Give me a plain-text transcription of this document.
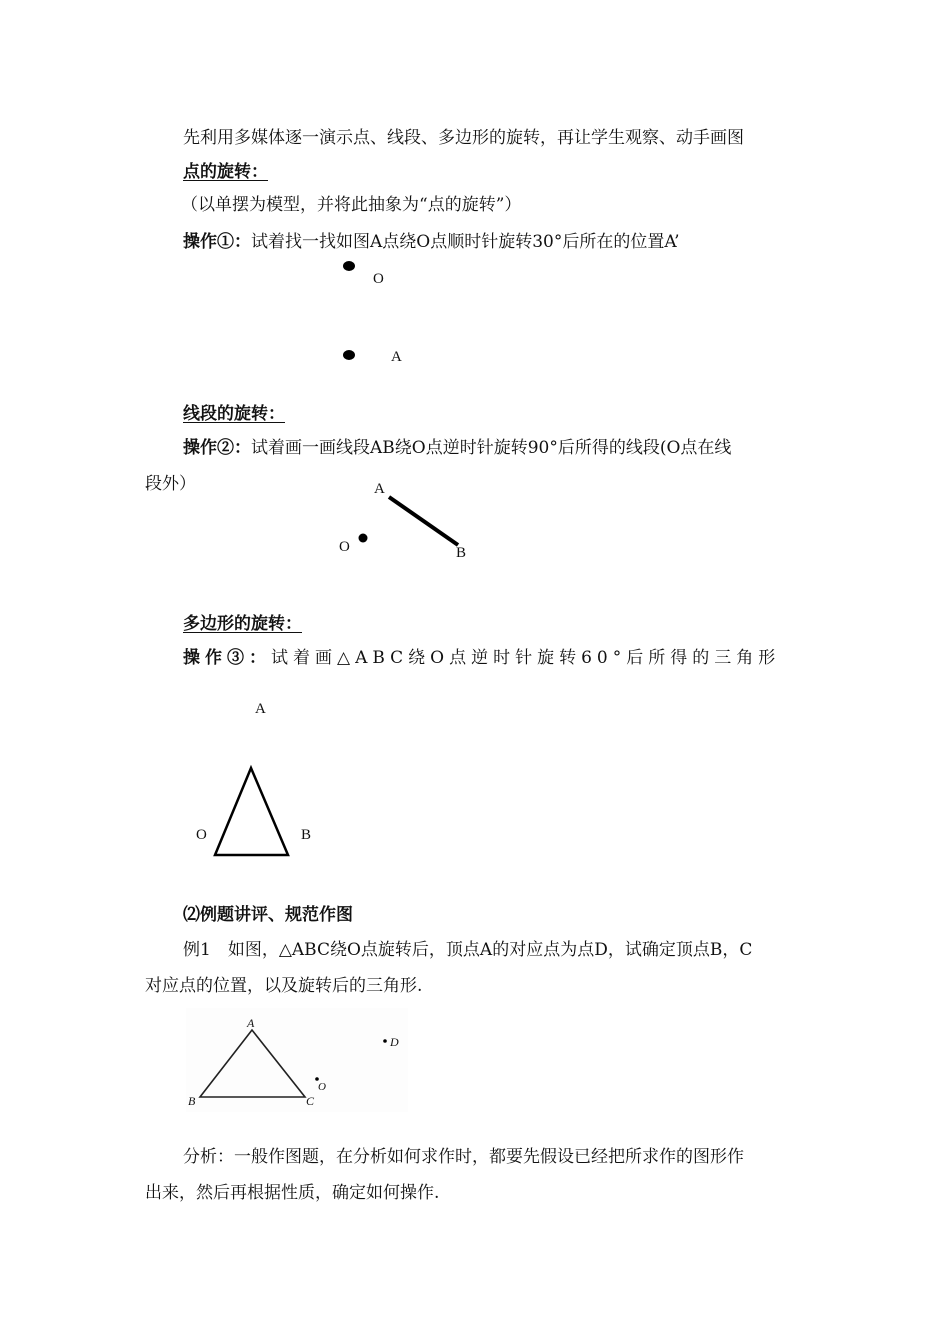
先利用多媒体逐一演示点、线段、多边形的旋转，再让学生观察、动手画图
点的旋转：
（以单摆为模型，并将此抽象为“点的旋转”）
操作①：试着找一找如图A点绕O点顺时针旋转30°后所在的位置A’
O
A
线段的旋转：
操作②：试着画一画线段AB绕O点逆时针旋转90°后所得的线段(O点在线
段外）	A
B
O
多边形的旋转：
操作③：试着画△ABC绕O点逆时针旋转60°后所得的三角形
A
O	B
⑵例题讲评、规范作图
例1　如图，△ABC绕O点旋转后，顶点A的对应点为点D，试确定顶点B，C
对应点的位置，以及旋转后的三角形.
A
B	C
D
O
分析：一般作图题，在分析如何求作时，都要先假设已经把所求作的图形作
出来，然后再根据性质，确定如何操作.
